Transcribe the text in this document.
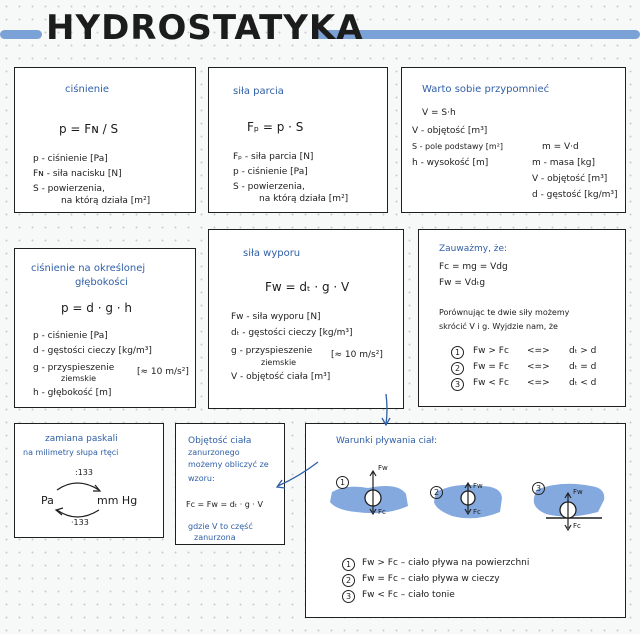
HYDROSTATYKA
ciśnienie
p = Fɴ / S
p - ciśnienie [Pa]
Fɴ - siła nacisku [N]
S - powierzenia,
na którą działa [m²]
siła parcia
Fₚ = p · S
Fₚ - siła parcia [N]
p - ciśnienie [Pa]
S - powierzenia,
na którą działa [m²]
Warto sobie przypomnieć
V = S·h
V - objętość [m³]
S - pole podstawy [m²]
h - wysokość [m]
m = V·d
m - masa [kg]
V - objętość [m³]
d - gęstość [kg/m³]
ciśnienie na określonej
głębokości
p = d · g · h
p - ciśnienie [Pa]
d - gęstości cieczy [kg/m³]
g - przyspieszenie
ziemskie
[≈ 10 m/s²]
h - głębokość [m]
siła wyporu
Fᴡ = dₜ · g · V
Fᴡ - siła wyporu [N]
dₜ - gęstości cieczy [kg/m³]
g - przyspieszenie
ziemskie
[≈ 10 m/s²]
V - objętość ciała [m³]
Zauważmy, że:
Fc = mg = Vdg
Fᴡ = Vdₜg
Porównując te dwie siły możemy
skrócić V i g. Wyjdzie nam, że
1	Fᴡ > Fc <=> dₜ > d
2	Fᴡ = Fc <=> dₜ = d
3	Fᴡ < Fc <=> dₜ < d
zamiana paskali
na milimetry słupa rtęci
:133
Pa	mm Hg
·133
Objętość ciała
zanurzonego
możemy obliczyć ze
wzoru:
Fc = Fᴡ = dₜ · g · V
gdzie V to część
zanurzona
Warunki pływania ciał:
1
2	3
Fᴡ
Fc
Fᴡ
Fc
Fᴡ
Fc
1	Fᴡ > Fc – ciało pływa na powierzchni
2	Fᴡ = Fc – ciało pływa w cieczy
3	Fᴡ < Fc – ciało tonie
